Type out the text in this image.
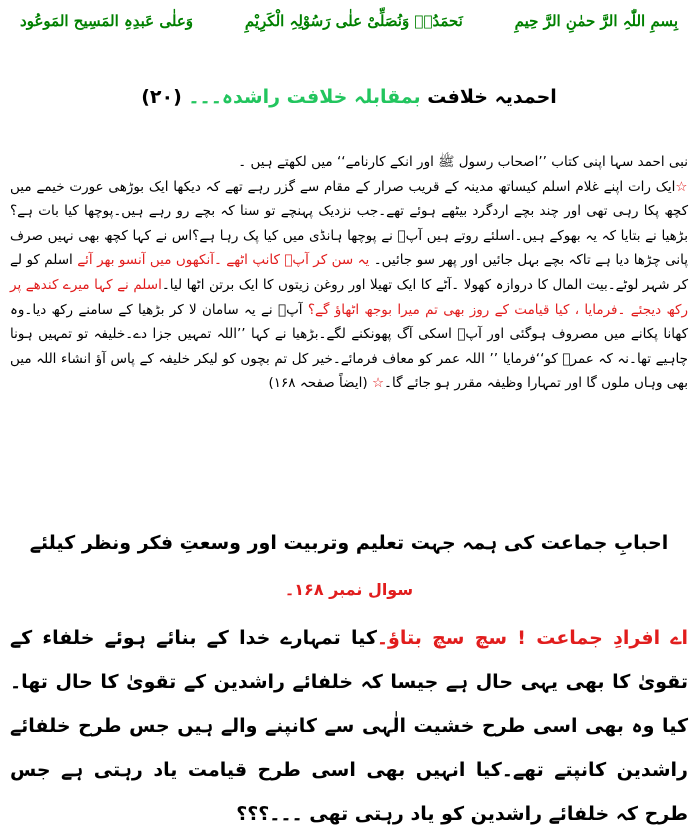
بِسمِ اللّٰہِ الرَّ حمٰنِ الرَّ حِیمِ
نَحمَدُہٗ وَنُصَلِّیْ علٰی رَسُوْلِہِ الْکَرِیْمِ
وَعلٰی عَبدِہِ المَسِیح المَوعُود
احمدیہ خلافت بمقابلہ خلافت راشدہ۔۔۔ (۲۰)

نبی احمد سہا اپنی کتاب ’’اصحاب رسول ﷺ اور انکے کارنامے‘‘ میں لکھتے ہیں ۔

☆ایک رات اپنے غلام اسلم کیساتھ مدینہ کے قریب صرار کے مقام سے گزر رہے تھے کہ دیکھا ایک بوڑھی عورت خیمے میں کچھ پکا رہی تھی اور چند بچے اردگرد بیٹھے ہوئے تھے۔جب نزدیک پہنچے تو سنا کہ بچے رو رہے ہیں۔پوچھا کیا بات ہے؟ بڑھیا نے بتایا کہ یہ بھوکے ہیں۔اسلئے روتے ہیں آپؓ نے پوچھا ہانڈی میں کیا پک رہا ہے؟اس نے کہا کچھ بھی نہیں صرف پانی چڑھا دیا ہے تاکہ بچے بہل جائیں اور پھر سو جائیں۔ یہ سن کر آپؓ کانپ اٹھے ۔آنکھوں میں آنسو بھر آئے اسلم کو لے کر شہر لوٹے۔بیت المال کا دروازہ کھولا ۔آٹے کا ایک تھیلا اور روغن زیتوں کا ایک برتن اٹھا لیا۔اسلم نے کہا میرے کندھے پر رکھ دیجئے ۔فرمایا ، کیا قیامت کے روز بھی تم میرا بوجھ اٹھاؤ گے؟ آپؓ نے یہ سامان لا کر بڑھیا کے سامنے رکھ دیا۔وہ کھانا پکانے میں مصروف ہوگئی اور آپؓ اسکی آگ پھونکنے لگے۔بڑھیا نے کہا ’’اللہ تمہیں جزا دے۔خلیفہ تو تمہیں ہونا چاہیے تھا۔نہ کہ عمرؓ کو‘‘فرمایا ’’ اللہ عمر کو معاف فرمائے۔خیر کل تم بچوں کو لیکر خلیفہ کے پاس آؤ انشاء اللہ میں بھی وہاں ملوں گا اور تمہارا وظیفہ مقرر ہو جائے گا۔☆ (ایضاً صفحہ ۱۶۸)

احبابِ جماعت کی ہمہ جہت تعلیم وتربیت اور وسعتِ فکر ونظر کیلئے
سوال نمبر ۱۶۸۔

اے افرادِ جماعت ! سچ سچ بتاؤ۔کیا تمہارے خدا کے بنائے ہوئے خلفاء کے تقویٰ کا بھی یہی حال ہے جیسا کہ خلفائے راشدین کے تقویٰ کا حال تھا۔کیا وہ بھی اسی طرح خشیت الٰہی سے کانپنے والے ہیں جس طرح خلفائے راشدین کانپتے تھے۔کیا انہیں بھی اسی طرح قیامت یاد رہتی ہے جس طرح کہ خلفائے راشدین کو یاد رہتی تھی ۔۔۔؟؟؟
